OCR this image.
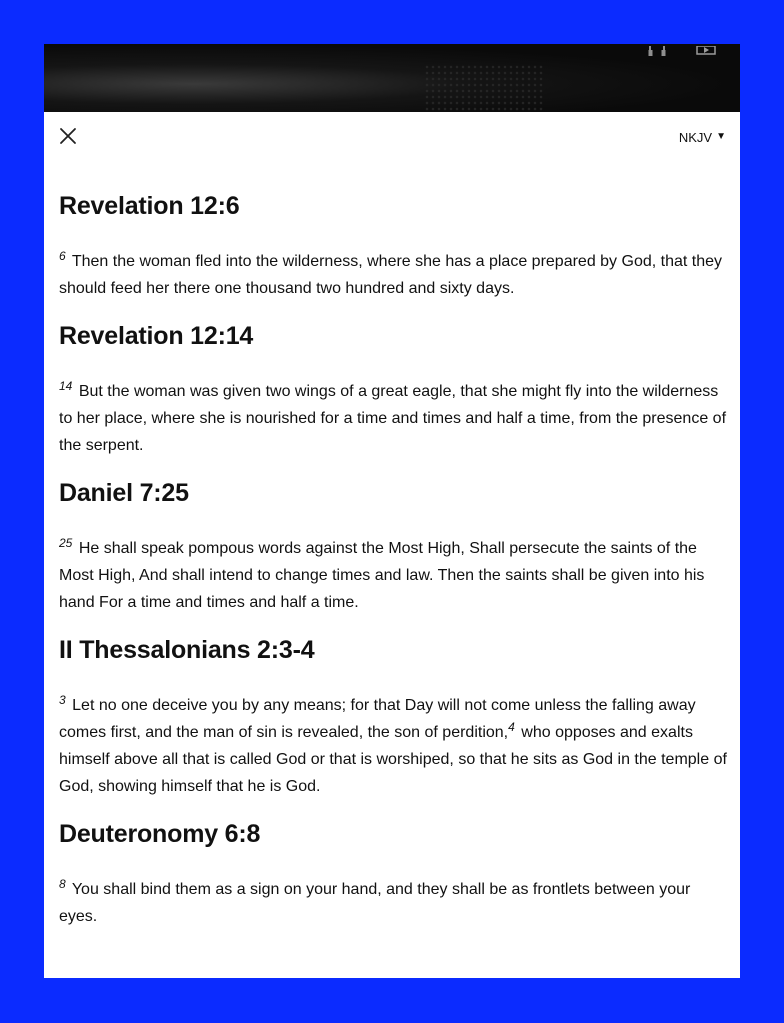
NKJV ▼
Revelation 12:6

$^6$ Then the woman fled into the wilderness, where she has a place prepared by God, that they should feed her there one thousand two hundred and sixty days.

Revelation 12:14

$^{14}$ But the woman was given two wings of a great eagle, that she might fly into the wilderness to her place, where she is nourished for a time and times and half a time, from the presence of the serpent.

Daniel 7:25

$^{25}$ He shall speak pompous words against the Most High, Shall persecute the saints of the Most High, And shall intend to change times and law. Then the saints shall be given into his hand For a time and times and half a time.

II Thessalonians 2:3-4

$^3$ Let no one deceive you by any means; for that Day will not come unless the falling away comes first, and the man of sin is revealed, the son of perdition,$^4$ who opposes and exalts himself above all that is called God or that is worshiped, so that he sits as God in the temple of God, showing himself that he is God.

Deuteronomy 6:8

$^8$ You shall bind them as a sign on your hand, and they shall be as frontlets between your eyes.
